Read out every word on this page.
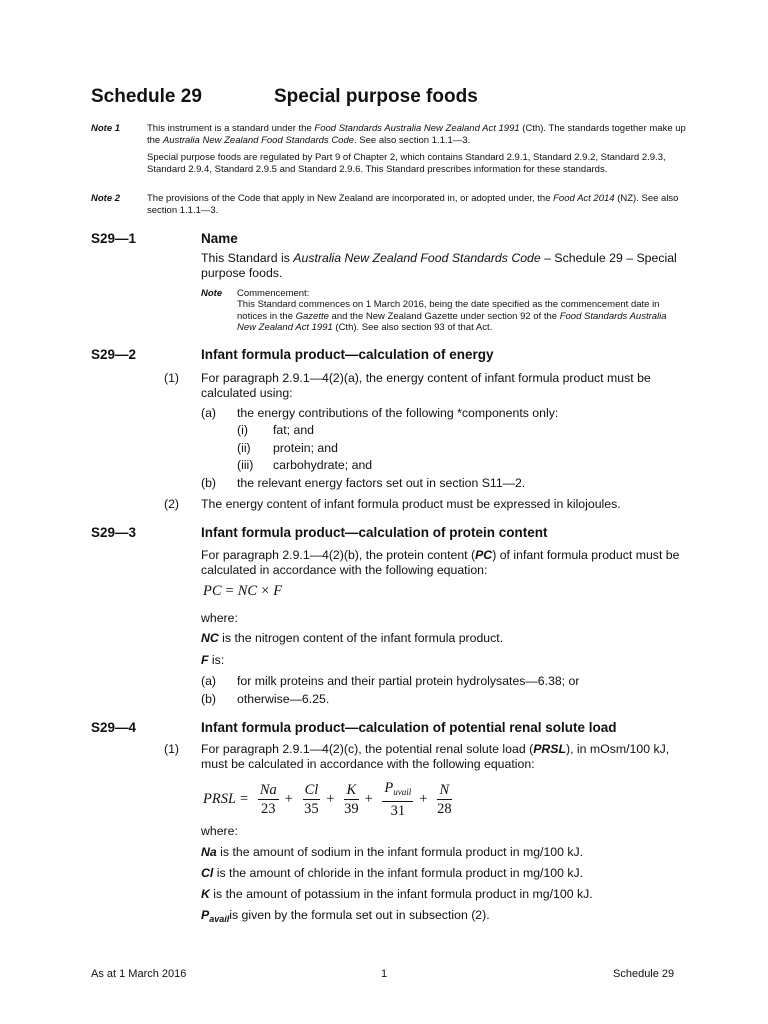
Schedule 29	Special purpose foods
Note 1	This instrument is a standard under the Food Standards Australia New Zealand Act 1991 (Cth). The standards together make up the Australia New Zealand Food Standards Code. See also section 1.1.1—3.
Special purpose foods are regulated by Part 9 of Chapter 2, which contains Standard 2.9.1, Standard 2.9.2, Standard 2.9.3, Standard 2.9.4, Standard 2.9.5 and Standard 2.9.6. This Standard prescribes information for these standards.
Note 2	The provisions of the Code that apply in New Zealand are incorporated in, or adopted under, the Food Act 2014 (NZ). See also section 1.1.1—3.
S29—1	Name
This Standard is Australia New Zealand Food Standards Code – Schedule 29 – Special purpose foods.
Note Commencement:
This Standard commences on 1 March 2016, being the date specified as the commencement date in notices in the Gazette and the New Zealand Gazette under section 92 of the Food Standards Australia New Zealand Act 1991 (Cth). See also section 93 of that Act.
S29—2	Infant formula product—calculation of energy
(1) For paragraph 2.9.1—4(2)(a), the energy content of infant formula product must be calculated using:
(a) the energy contributions of the following *components only:
(i) fat; and
(ii) protein; and
(iii) carbohydrate; and
(b) the relevant energy factors set out in section S11—2.
(2) The energy content of infant formula product must be expressed in kilojoules.
S29—3	Infant formula product—calculation of protein content
For paragraph 2.9.1—4(2)(b), the protein content (PC) of infant formula product must be calculated in accordance with the following equation:
PC = NC × F
where:
NC is the nitrogen content of the infant formula product.
F is:
(a) for milk proteins and their partial protein hydrolysates—6.38; or
(b) otherwise—6.25.
S29—4	Infant formula product—calculation of potential renal solute load
(1) For paragraph 2.9.1—4(2)(c), the potential renal solute load (PRSL), in mOsm/100 kJ, must be calculated in accordance with the following equation:
PRSL = $\frac{Na}{23} + \frac{Cl}{35} + \frac{K}{39} + \frac{P_{uvail}}{31} + \frac{N}{28}$
where:
Na is the amount of sodium in the infant formula product in mg/100 kJ.
Cl is the amount of chloride in the infant formula product in mg/100 kJ.
K is the amount of potassium in the infant formula product in mg/100 kJ.
$P_{avail}is$ given by the formula set out in subsection (2).
As at 1 March 2016	1	Schedule 29
